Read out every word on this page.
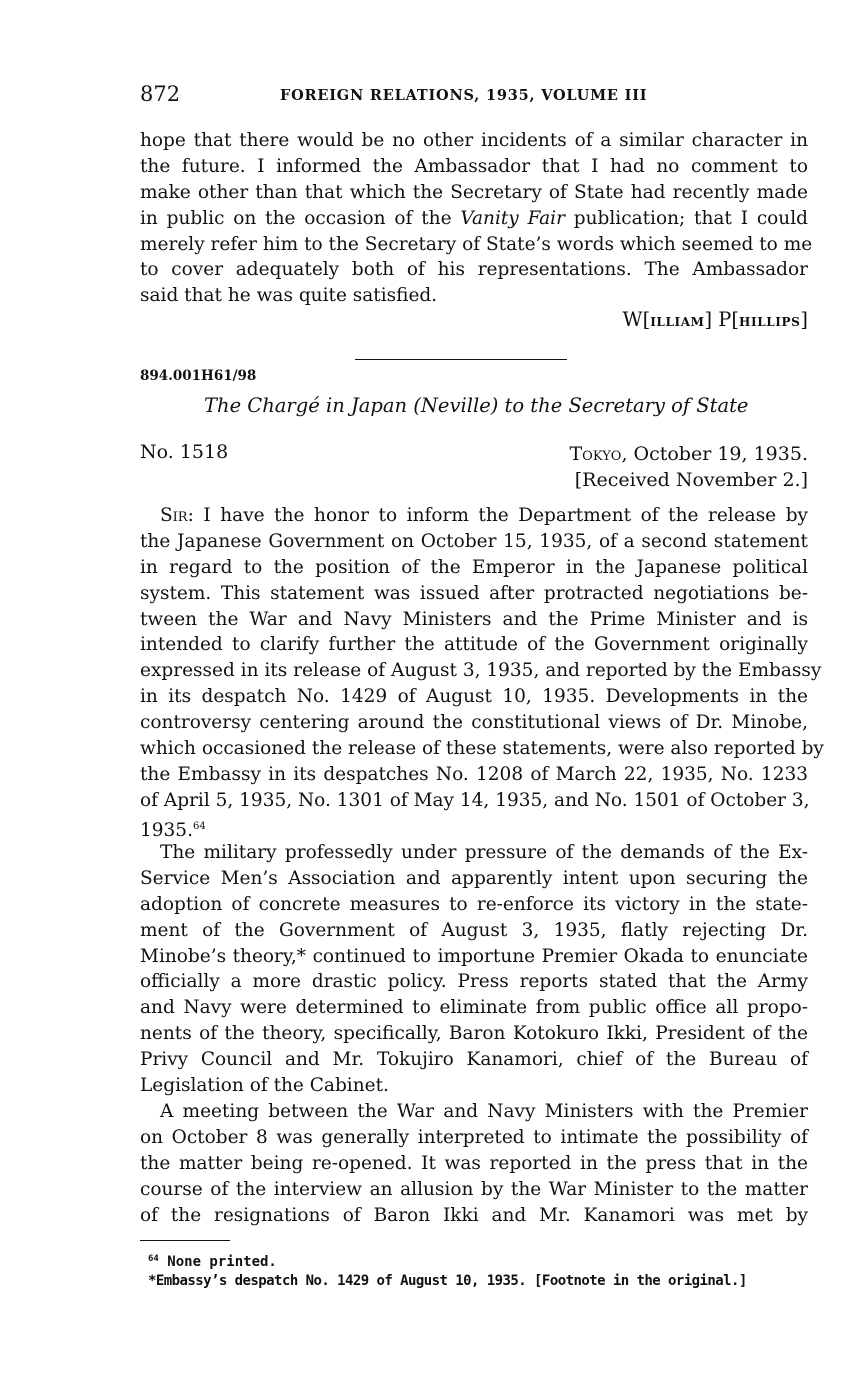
872	FOREIGN RELATIONS, 1935, VOLUME III
hope that there would be no other incidents of a similar character in
the future. I informed the Ambassador that I had no comment to
make other than that which the Secretary of State had recently made
in public on the occasion of the Vanity Fair publication; that I could
merely refer him to the Secretary of State’s words which seemed to me
to cover adequately both of his representations. The Ambassador
said that he was quite satisfied.
W[ILLIAM] P[HILLIPS]
894.001H61/98
The Chargé in Japan (Neville) to the Secretary of State
No. 1518	Tokyo, October 19, 1935.
[Received November 2.]
Sir: I have the honor to inform the Department of the release by
the Japanese Government on October 15, 1935, of a second statement
in regard to the position of the Emperor in the Japanese political
system. This statement was issued after protracted negotiations be-
tween the War and Navy Ministers and the Prime Minister and is
intended to clarify further the attitude of the Government originally
expressed in its release of August 3, 1935, and reported by the Embassy
in its despatch No. 1429 of August 10, 1935. Developments in the
controversy centering around the constitutional views of Dr. Minobe,
which occasioned the release of these statements, were also reported by
the Embassy in its despatches No. 1208 of March 22, 1935, No. 1233
of April 5, 1935, No. 1301 of May 14, 1935, and No. 1501 of October 3,
1935.64
The military professedly under pressure of the demands of the Ex-
Service Men’s Association and apparently intent upon securing the
adoption of concrete measures to re-enforce its victory in the state-
ment of the Government of August 3, 1935, flatly rejecting Dr.
Minobe’s theory,* continued to importune Premier Okada to enunciate
officially a more drastic policy. Press reports stated that the Army
and Navy were determined to eliminate from public office all propo-
nents of the theory, specifically, Baron Kotokuro Ikki, President of the
Privy Council and Mr. Tokujiro Kanamori, chief of the Bureau of
Legislation of the Cabinet.
A meeting between the War and Navy Ministers with the Premier
on October 8 was generally interpreted to intimate the possibility of
the matter being re-opened. It was reported in the press that in the
course of the interview an allusion by the War Minister to the matter
of the resignations of Baron Ikki and Mr. Kanamori was met by
$^{64}$ None printed.
*Embassy’s despatch No. 1429 of August 10, 1935. [Footnote in the original.]
